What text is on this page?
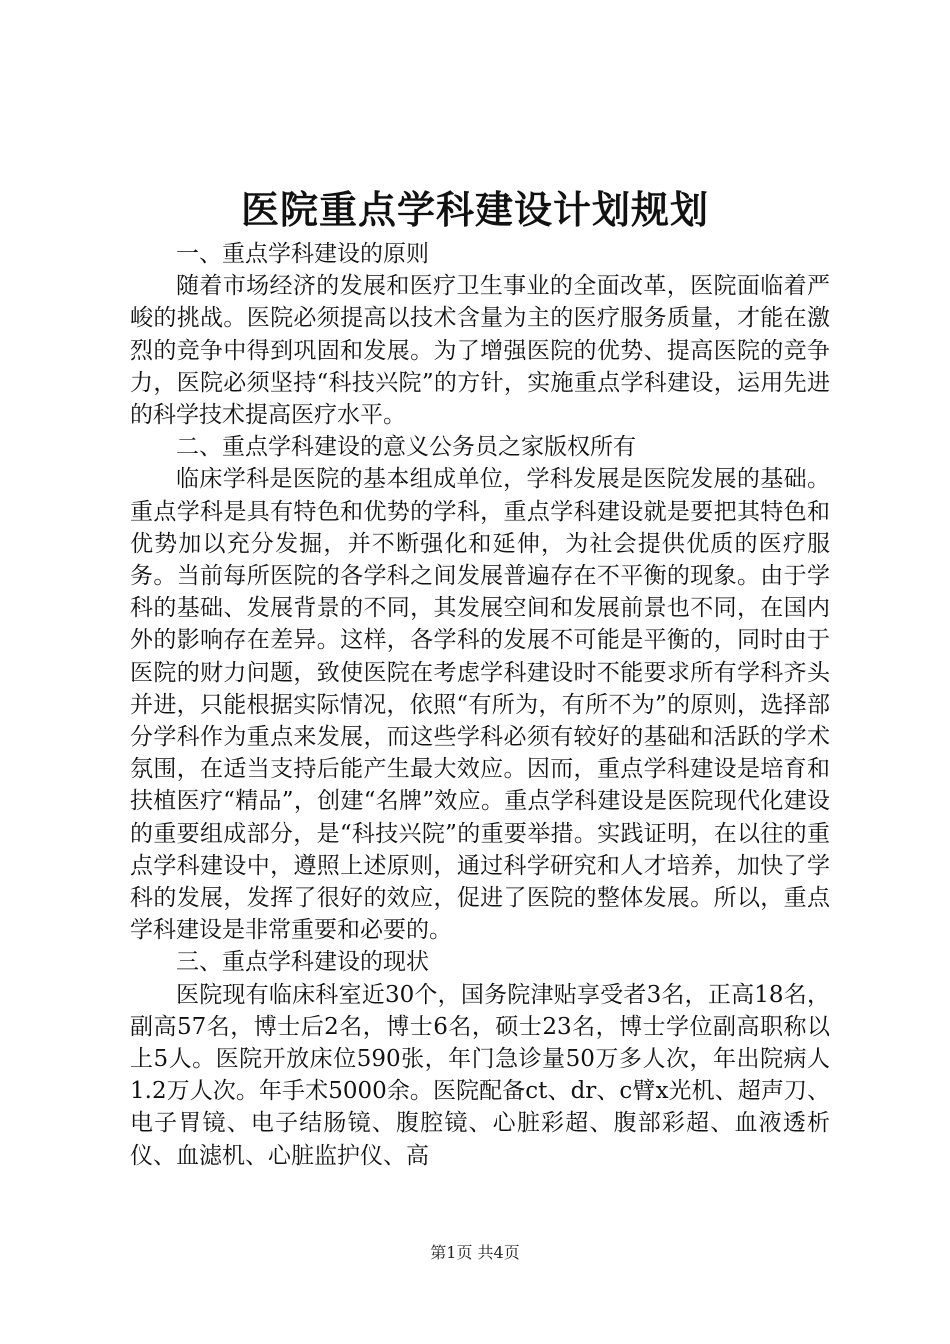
医院重点学科建设计划规划

一、重点学科建设的原则

随着市场经济的发展和医疗卫生事业的全面改革，医院面临着严峻的挑战。医院必须提高以技术含量为主的医疗服务质量，才能在激烈的竞争中得到巩固和发展。为了增强医院的优势、提高医院的竞争力，医院必须坚持“科技兴院”的方针，实施重点学科建设，运用先进的科学技术提高医疗水平。

二、重点学科建设的意义公务员之家版权所有

临床学科是医院的基本组成单位，学科发展是医院发展的基础。重点学科是具有特色和优势的学科，重点学科建设就是要把其特色和优势加以充分发掘，并不断强化和延伸，为社会提供优质的医疗服务。当前每所医院的各学科之间发展普遍存在不平衡的现象。由于学科的基础、发展背景的不同，其发展空间和发展前景也不同，在国内外的影响存在差异。这样，各学科的发展不可能是平衡的，同时由于医院的财力问题，致使医院在考虑学科建设时不能要求所有学科齐头并进，只能根据实际情况，依照“有所为，有所不为”的原则，选择部分学科作为重点来发展，而这些学科必须有较好的基础和活跃的学术氛围，在适当支持后能产生最大效应。因而，重点学科建设是培育和扶植医疗“精品”，创建“名牌”效应。重点学科建设是医院现代化建设的重要组成部分，是“科技兴院”的重要举措。实践证明，在以往的重点学科建设中，遵照上述原则，通过科学研究和人才培养，加快了学科的发展，发挥了很好的效应，促进了医院的整体发展。所以，重点学科建设是非常重要和必要的。

三、重点学科建设的现状

医院现有临床科室近30个，国务院津贴享受者3名，正高18名，副高57名，博士后2名，博士6名，硕士23名，博士学位副高职称以上5人。医院开放床位590张，年门急诊量50万多人次，年出院病人1.2万人次。年手术5000余。医院配备ct、dr、c臂x光机、超声刀、电子胃镜、电子结肠镜、腹腔镜、心脏彩超、腹部彩超、血液透析仪、血滤机、心脏监护仪、高

第1页 共4页
